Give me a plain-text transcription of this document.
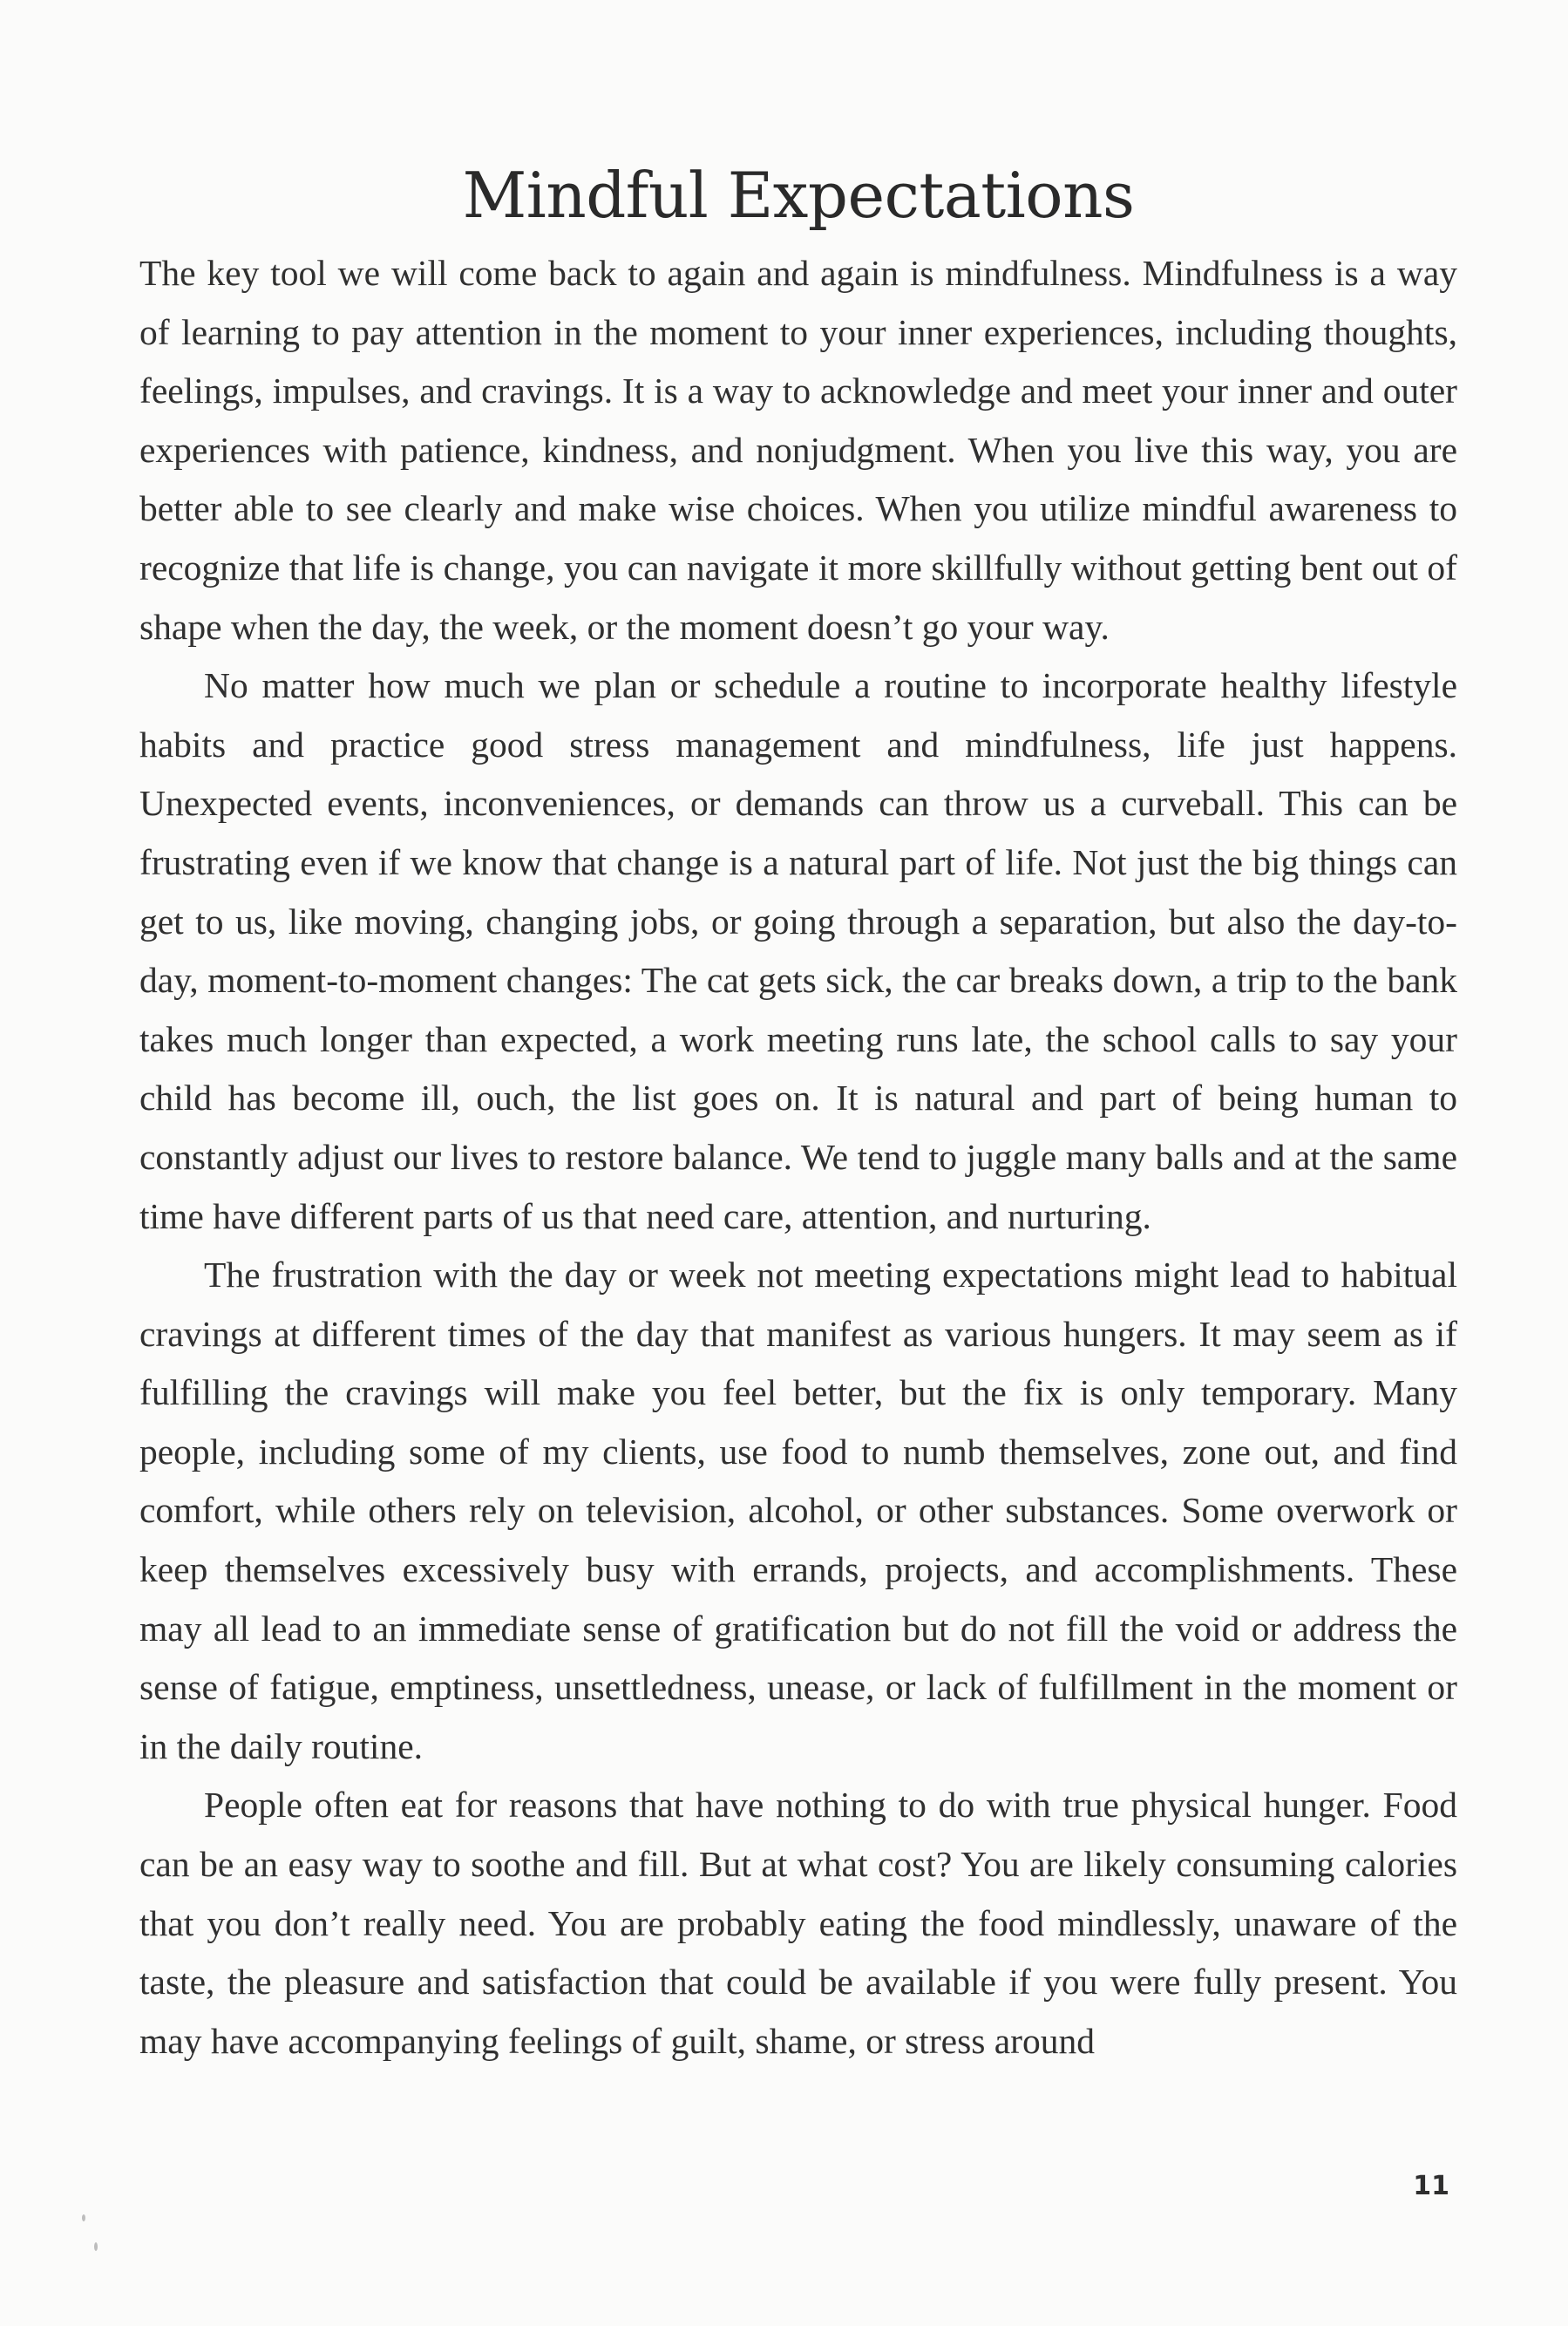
Mindful Expectations

The key tool we will come back to again and again is mindfulness. Mindfulness is a way of learning to pay attention in the moment to your inner experiences, including thoughts, feelings, impulses, and cravings. It is a way to acknowledge and meet your inner and outer experiences with patience, kindness, and nonjudgment. When you live this way, you are better able to see clearly and make wise choices. When you utilize mindful awareness to recognize that life is change, you can navigate it more skillfully without getting bent out of shape when the day, the week, or the moment doesn’t go your way.

No matter how much we plan or schedule a routine to incorporate healthy lifestyle habits and practice good stress management and mindfulness, life just happens. Unexpected events, inconveniences, or demands can throw us a curveball. This can be frustrating even if we know that change is a natural part of life. Not just the big things can get to us, like moving, changing jobs, or going through a separation, but also the day-to-day, moment-to-moment changes: The cat gets sick, the car breaks down, a trip to the bank takes much longer than expected, a work meeting runs late, the school calls to say your child has become ill, ouch, the list goes on. It is natural and part of being human to constantly adjust our lives to restore balance. We tend to juggle many balls and at the same time have different parts of us that need care, attention, and nurturing.

The frustration with the day or week not meeting expectations might lead to habitual cravings at different times of the day that manifest as various hungers. It may seem as if fulfilling the cravings will make you feel better, but the fix is only temporary. Many people, including some of my clients, use food to numb themselves, zone out, and find comfort, while others rely on television, alcohol, or other substances. Some overwork or keep themselves excessively busy with errands, projects, and accomplishments. These may all lead to an immediate sense of gratification but do not fill the void or address the sense of fatigue, emptiness, unsettledness, unease, or lack of fulfillment in the moment or in the daily routine.

People often eat for reasons that have nothing to do with true physical hunger. Food can be an easy way to soothe and fill. But at what cost? You are likely consuming calories that you don’t really need. You are probably eating the food mindlessly, unaware of the taste, the pleasure and satisfaction that could be available if you were fully present. You may have accompanying feelings of guilt, shame, or stress around

11
